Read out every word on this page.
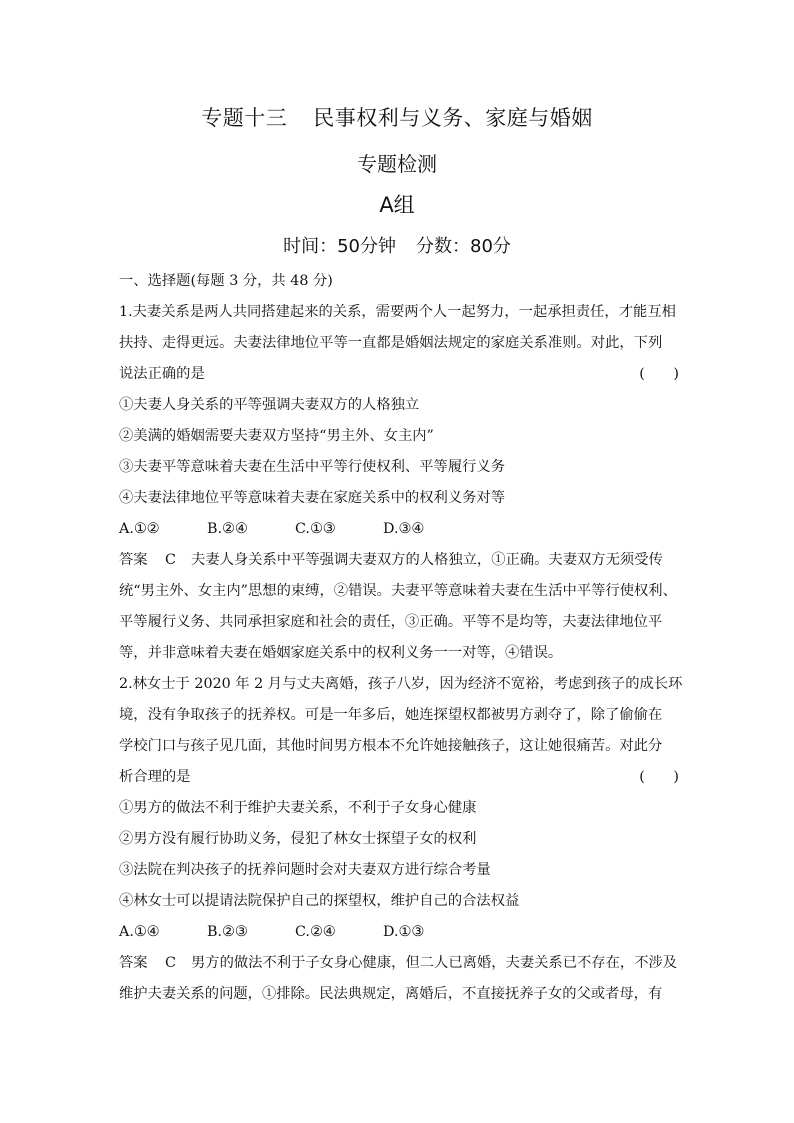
专题十三 民事权利与义务、家庭与婚姻
专题检测
A组
时间：50分钟 分数：80分
一、选择题(每题 3 分，共 48 分)
1.夫妻关系是两人共同搭建起来的关系，需要两个人一起努力，一起承担责任，才能互相
扶持、走得更远。夫妻法律地位平等一直都是婚姻法规定的家庭关系准则。对此，下列
说法正确的是	(　　)
①夫妻人身关系的平等强调夫妻双方的人格独立
②美满的婚姻需要夫妻双方坚持“男主外、女主内”
③夫妻平等意味着夫妻在生活中平等行使权利、平等履行义务
④夫妻法律地位平等意味着夫妻在家庭关系中的权利义务对等
A.①②	B.②④	C.①③	D.③④
答案 C 夫妻人身关系中平等强调夫妻双方的人格独立，①正确。夫妻双方无须受传
统“男主外、女主内”思想的束缚，②错误。夫妻平等意味着夫妻在生活中平等行使权利、
平等履行义务、共同承担家庭和社会的责任，③正确。平等不是均等，夫妻法律地位平
等，并非意味着夫妻在婚姻家庭关系中的权利义务一一对等，④错误。
2.林女士于 2020 年 2 月与丈夫离婚，孩子八岁，因为经济不宽裕，考虑到孩子的成长环
境，没有争取孩子的抚养权。可是一年多后，她连探望权都被男方剥夺了，除了偷偷在
学校门口与孩子见几面，其他时间男方根本不允许她接触孩子，这让她很痛苦。对此分
析合理的是	(　　)
①男方的做法不利于维护夫妻关系，不利于子女身心健康
②男方没有履行协助义务，侵犯了林女士探望子女的权利
③法院在判决孩子的抚养问题时会对夫妻双方进行综合考量
④林女士可以提请法院保护自己的探望权，维护自己的合法权益
A.①④	B.②③	C.②④	D.①③
答案 C 男方的做法不利于子女身心健康，但二人已离婚，夫妻关系已不存在，不涉及
维护夫妻关系的问题，①排除。民法典规定，离婚后，不直接抚养子女的父或者母，有
